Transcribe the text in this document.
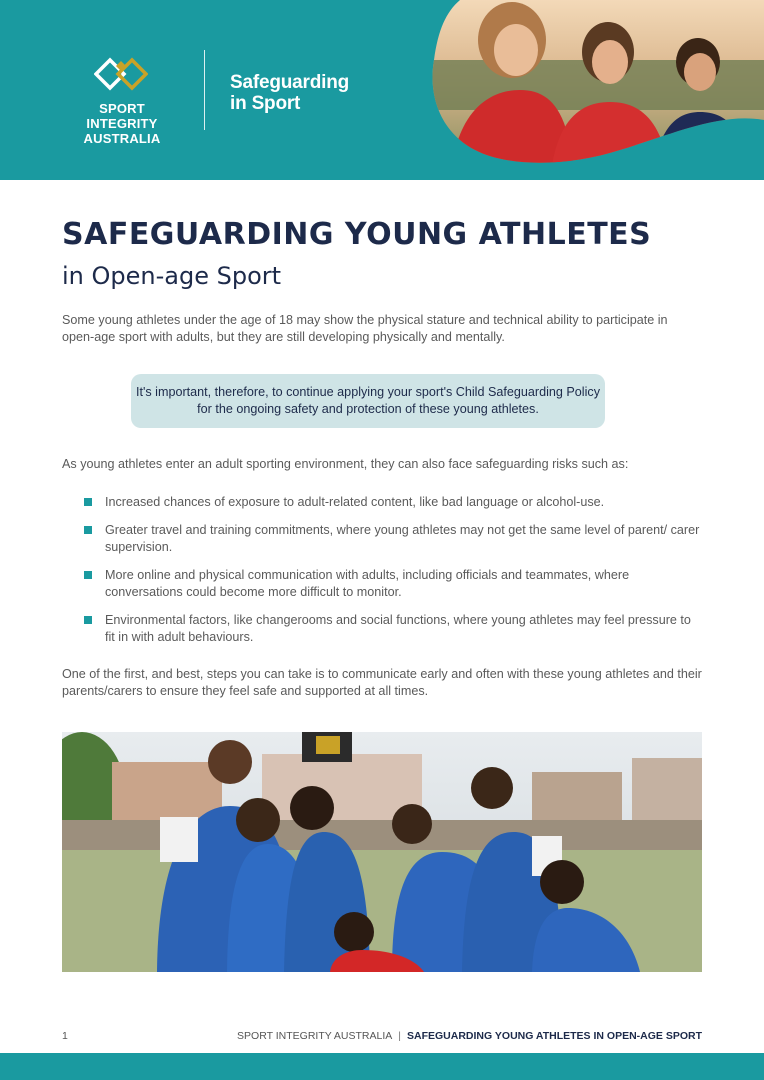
SPORT INTEGRITY AUSTRALIA
Safeguarding in Sport
SAFEGUARDING YOUNG ATHLETES
in Open-age Sport

Some young athletes under the age of 18 may show the physical stature and technical ability to participate in open-age sport with adults, but they are still developing physically and mentally.

It's important, therefore, to continue applying your sport's Child Safeguarding Policy for the ongoing safety and protection of these young athletes.

As young athletes enter an adult sporting environment, they can also face safeguarding risks such as:

Increased chances of exposure to adult-related content, like bad language or alcohol-use.
Greater travel and training commitments, where young athletes may not get the same level of parent/ carer supervision.
More online and physical communication with adults, including officials and teammates, where conversations could become more difficult to monitor.
Environmental factors, like changerooms and social functions, where young athletes may feel pressure to fit in with adult behaviours.

One of the first, and best, steps you can take is to communicate early and often with these young athletes and their parents/carers to ensure they feel safe and supported at all times.

1	SPORT INTEGRITY AUSTRALIA | SAFEGUARDING YOUNG ATHLETES IN OPEN-AGE SPORT
